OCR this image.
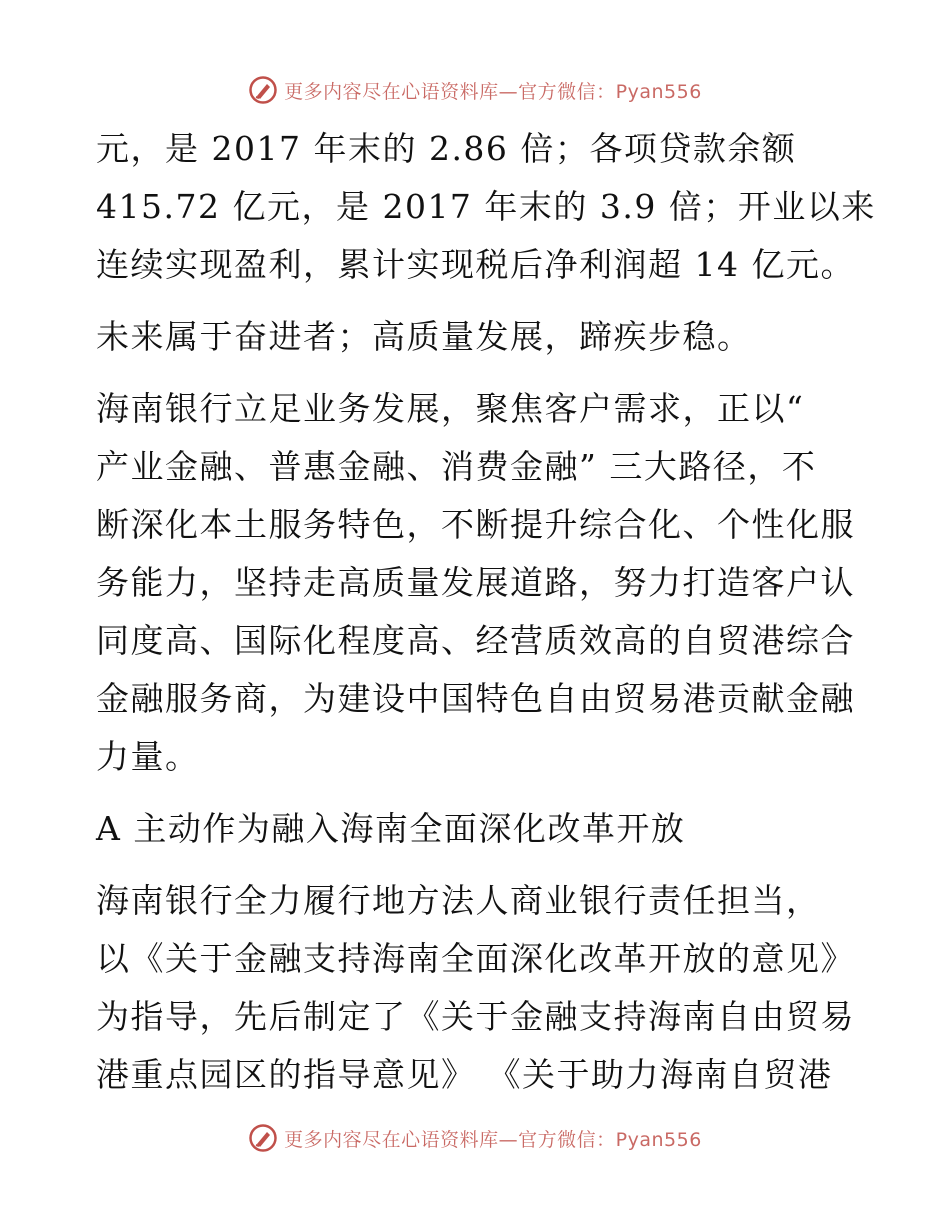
更多内容尽在心语资料库—官方微信：Pyan556

元，是 2017 年末的 2.86 倍；各项贷款余额
415.72 亿元，是 2017 年末的 3.9 倍；开业以来
连续实现盈利，累计实现税后净利润超 14 亿元。

未来属于奋进者；高质量发展，蹄疾步稳。

海南银行立足业务发展，聚焦客户需求，正以“
产业金融、普惠金融、消费金融” 三大路径，不
断深化本土服务特色，不断提升综合化、个性化服
务能力，坚持走高质量发展道路，努力打造客户认
同度高、国际化程度高、经营质效高的自贸港综合
金融服务商，为建设中国特色自由贸易港贡献金融
力量。

A 主动作为融入海南全面深化改革开放

海南银行全力履行地方法人商业银行责任担当，
以《关于金融支持海南全面深化改革开放的意见》
为指导，先后制定了《关于金融支持海南自由贸易
港重点园区的指导意见》 《关于助力海南自贸港

更多内容尽在心语资料库—官方微信：Pyan556
